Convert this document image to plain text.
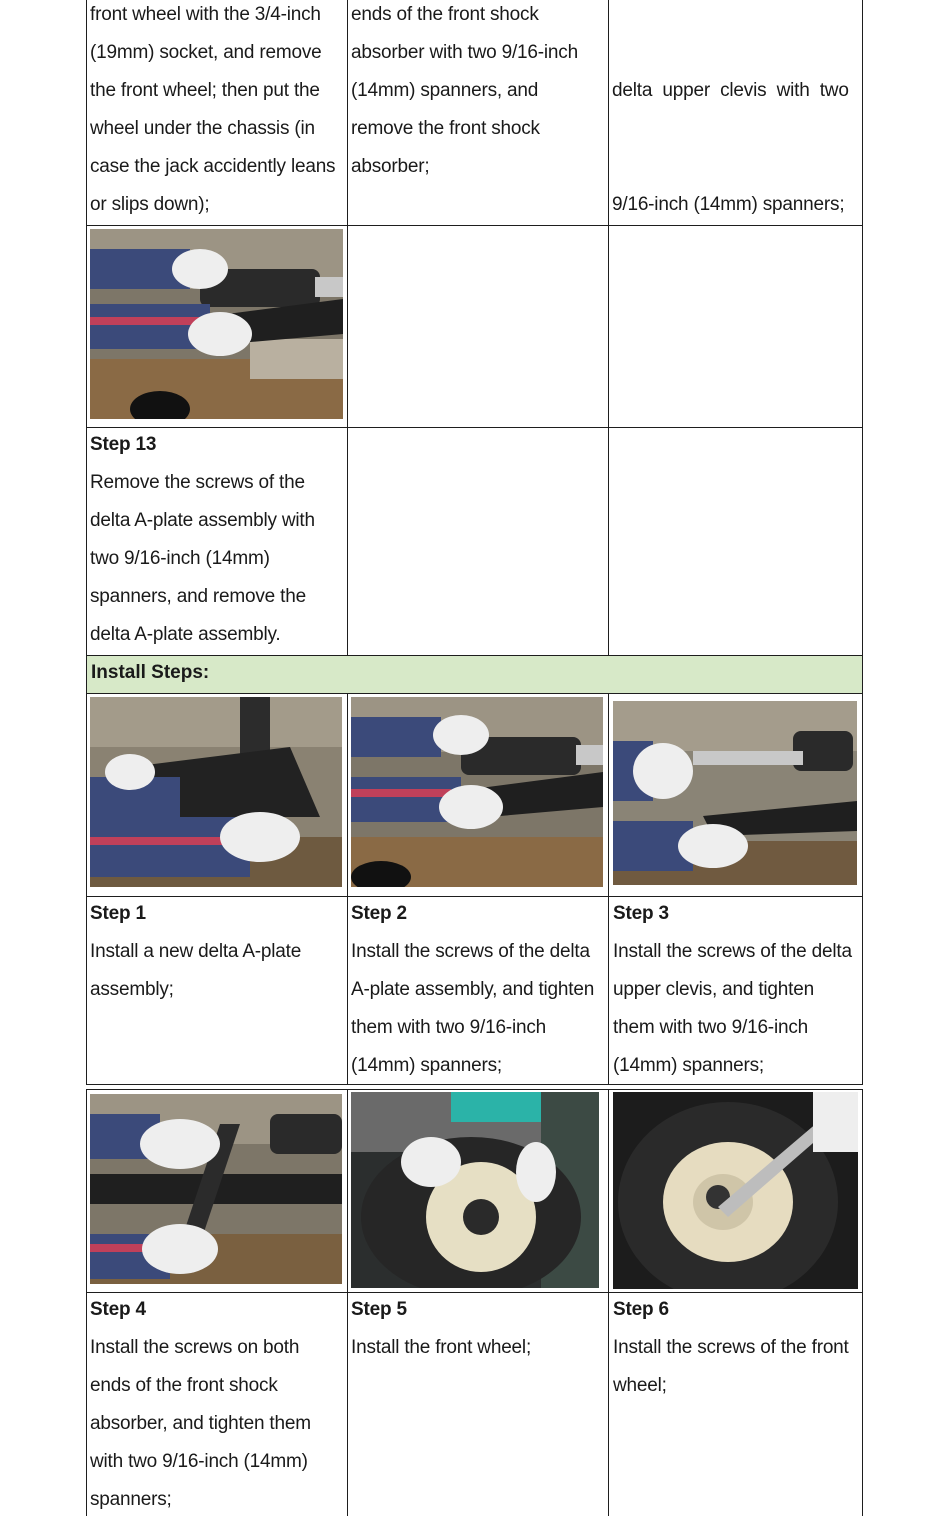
front wheel with the 3/4-inch
(19mm) socket, and remove
the front wheel; then put the
wheel under the chassis (in
case the jack accidently leans
or slips down);
ends of the front shock
absorber with two 9/16-inch
(14mm) spanners, and
remove the front shock
absorber;

delta  upper  clevis  with  two

9/16-inch (14mm) spanners;

Step 13
Remove the screws of the
delta A-plate assembly with
two 9/16-inch (14mm)
spanners, and remove the
delta A-plate assembly.
Install Steps:
Step 1
Install a new delta A-plate
assembly;
Step 2
Install the screws of the delta
A-plate assembly, and tighten
them with two 9/16-inch
(14mm) spanners;
Step 3
Install the screws of the delta
upper clevis, and tighten
them with two 9/16-inch
(14mm) spanners;
Step 4
Install the screws on both
ends of the front shock
absorber, and tighten them
with two 9/16-inch (14mm)
spanners;
Step 5
Install the front wheel;
Step 6
Install the screws of the front
wheel;
